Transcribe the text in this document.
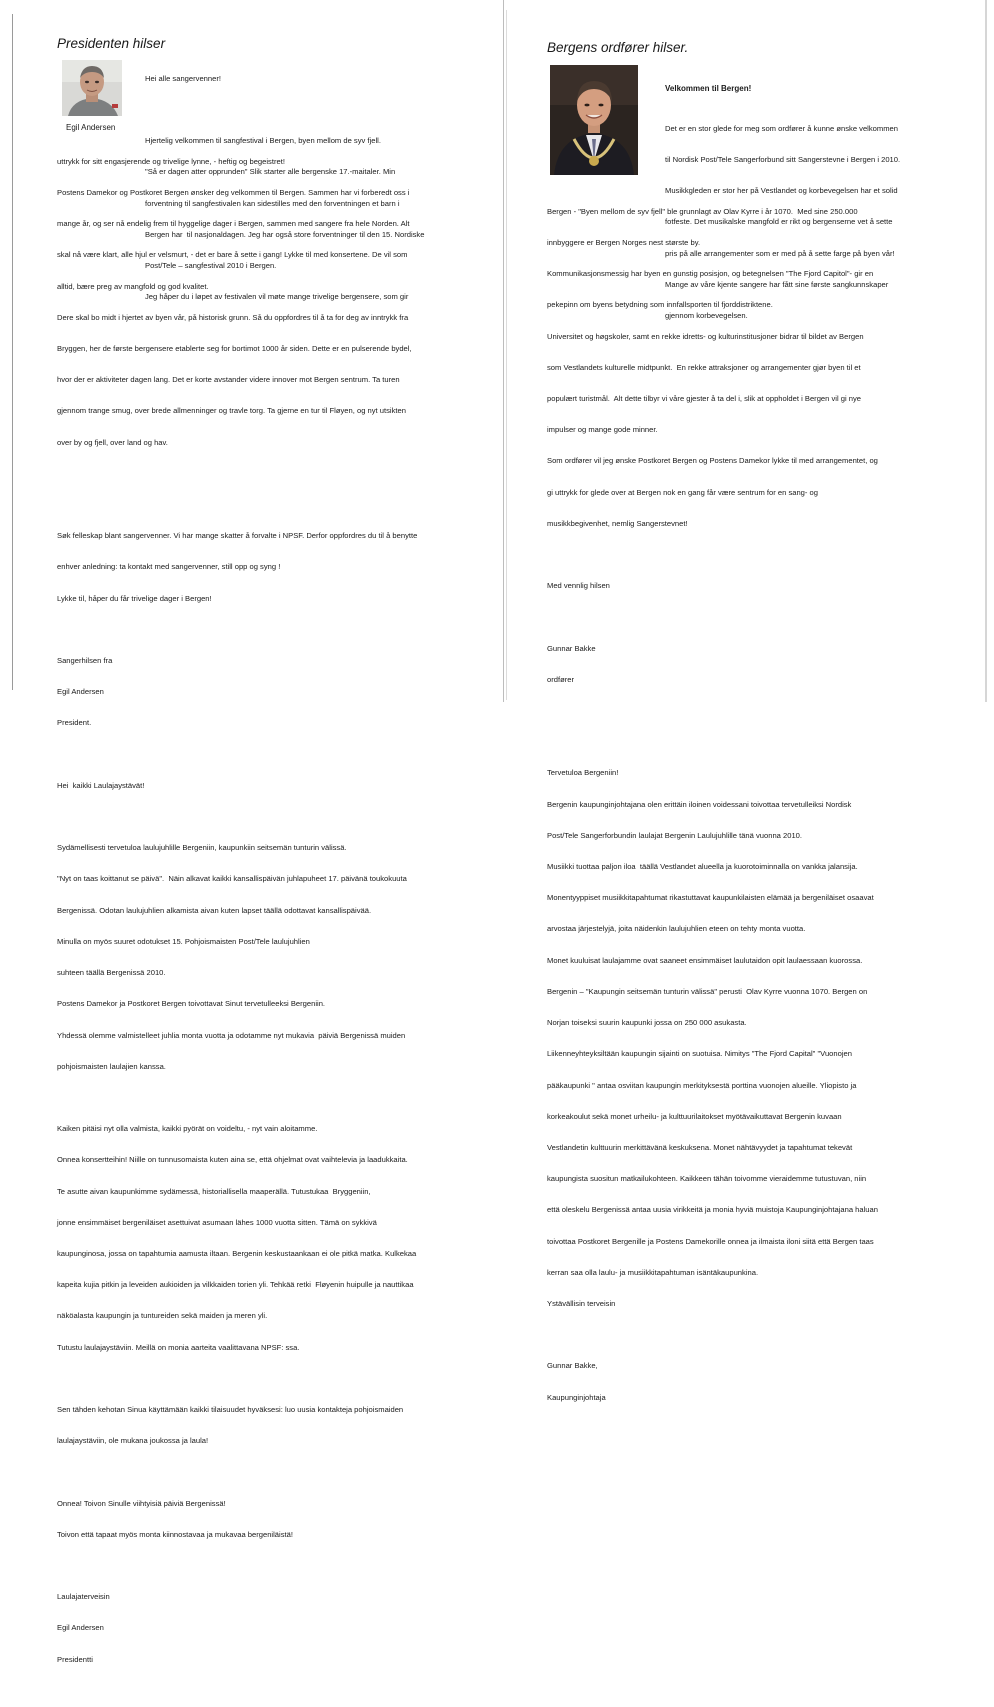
Presidenten hilser
Egil Andersen

Hei alle sangervenner!

Hjertelig velkommen til sangfestival i Bergen, byen mellom de syv fjell.

"Så er dagen atter opprunden" Slik starter alle bergenske 17.-maitaler. Min

forventning til sangfestivalen kan sidestilles med den forventningen et barn i

Bergen har  til nasjonaldagen. Jeg har også store forventninger til den 15. Nordiske

Post/Tele – sangfestival 2010 i Bergen.

Jeg håper du i løpet av festivalen vil møte mange trivelige bergensere, som gir

uttrykk for sitt engasjerende og trivelige lynne, - heftig og begeistret!

Postens Damekor og Postkoret Bergen ønsker deg velkommen til Bergen. Sammen har vi forberedt oss i

mange år, og ser nå endelig frem til hyggelige dager i Bergen, sammen med sangere fra hele Norden. Alt

skal nå være klart, alle hjul er velsmurt, - det er bare å sette i gang! Lykke til med konsertene. De vil som

alltid, bære preg av mangfold og god kvalitet.

Dere skal bo midt i hjertet av byen vår, på historisk grunn. Så du oppfordres til å ta for deg av inntrykk fra

Bryggen, her de første bergensere etablerte seg for bortimot 1000 år siden. Dette er en pulserende bydel,

hvor der er aktiviteter dagen lang. Det er korte avstander videre innover mot Bergen sentrum. Ta turen

gjennom trange smug, over brede allmenninger og travle torg. Ta gjerne en tur til Fløyen, og nyt utsikten

over by og fjell, over land og hav.

Søk felleskap blant sangervenner. Vi har mange skatter å forvalte i NPSF. Derfor oppfordres du til å benytte

enhver anledning: ta kontakt med sangervenner, still opp og syng !

Lykke til, håper du får trivelige dager i Bergen!

Sangerhilsen fra

Egil Andersen

President.

Hei  kaikki Laulajaystävät!

Sydämellisesti tervetuloa laulujuhlille Bergeniin, kaupunkiin seitsemän tunturin välissä.

"Nyt on taas koittanut se päivä".  Näin alkavat kaikki kansallispäivän juhlapuheet 17. päivänä toukokuuta

Bergenissä. Odotan laulujuhlien alkamista aivan kuten lapset täällä odottavat kansallispäivää.

Minulla on myös suuret odotukset 15. Pohjoismaisten Post/Tele laulujuhlien

suhteen täällä Bergenissä 2010.

Postens Damekor ja Postkoret Bergen toivottavat Sinut tervetulleeksi Bergeniin.

Yhdessä olemme valmistelleet juhlia monta vuotta ja odotamme nyt mukavia  päiviä Bergenissä muiden

pohjoismaisten laulajien kanssa.

Kaiken pitäisi nyt olla valmista, kaikki pyörät on voideltu, - nyt vain aloitamme.

Onnea konsertteihin! Niille on tunnusomaista kuten aina se, että ohjelmat ovat vaihtelevia ja laadukkaita.

Te asutte aivan kaupunkimme sydämessä, historiallisella maaperällä. Tutustukaa  Bryggeniin,

jonne ensimmäiset bergeniläiset asettuivat asumaan lähes 1000 vuotta sitten. Tämä on sykkivä

kaupunginosa, jossa on tapahtumia aamusta iltaan. Bergenin keskustaankaan ei ole pitkä matka. Kulkekaa

kapeita kujia pitkin ja leveiden aukioiden ja vilkkaiden torien yli. Tehkää retki  Fløyenin huipulle ja nauttikaa

näköalasta kaupungin ja tuntureiden sekä maiden ja meren yli.

Tutustu laulajaystäviin. Meillä on monia aarteita vaalittavana NPSF: ssa.

Sen tähden kehotan Sinua käyttämään kaikki tilaisuudet hyväksesi: luo uusia kontakteja pohjoismaiden

laulajaystäviin, ole mukana joukossa ja laula!

Onnea! Toivon Sinulle viihtyisiä päiviä Bergenissä!

Toivon että tapaat myös monta kiinnostavaa ja mukavaa bergeniläistä!

Laulajaterveisin

Egil Andersen

Presidentti

Bergens ordfører hilser.
Velkommen til Bergen!

Det er en stor glede for meg som ordfører å kunne ønske velkommen

til Nordisk Post/Tele Sangerforbund sitt Sangerstevne i Bergen i 2010.

Musikkgleden er stor her på Vestlandet og korbevegelsen har et solid

fotfeste. Det musikalske mangfold er rikt og bergenserne vet å sette

pris på alle arrangementer som er med på å sette farge på byen vår!

Mange av våre kjente sangere har fått sine første sangkunnskaper

gjennom korbevegelsen.

Bergen - "Byen mellom de syv fjell" ble grunnlagt av Olav Kyrre i år 1070.  Med sine 250.000

innbyggere er Bergen Norges nest største by.

Kommunikasjonsmessig har byen en gunstig posisjon, og betegnelsen "The Fjord Capitol"- gir en

pekepinn om byens betydning som innfallsporten til fjorddistriktene.

Universitet og høgskoler, samt en rekke idretts- og kulturinstitusjoner bidrar til bildet av Bergen

som Vestlandets kulturelle midtpunkt.  En rekke attraksjoner og arrangementer gjør byen til et

populært turistmål.  Alt dette tilbyr vi våre gjester å ta del i, slik at oppholdet i Bergen vil gi nye

impulser og mange gode minner.

Som ordfører vil jeg ønske Postkoret Bergen og Postens Damekor lykke til med arrangementet, og

gi uttrykk for glede over at Bergen nok en gang får være sentrum for en sang- og

musikkbegivenhet, nemlig Sangerstevnet!

Med vennlig hilsen

Gunnar Bakke

ordfører

Tervetuloa Bergeniin!

Bergenin kaupunginjohtajana olen erittäin iloinen voidessani toivottaa tervetulleiksi Nordisk

Post/Tele Sangerforbundin laulajat Bergenin Laulujuhlille tänä vuonna 2010.

Musiikki tuottaa paljon iloa  täällä Vestlandet alueella ja kuorotoiminnalla on vankka jalansija.

Monentyyppiset musiikkitapahtumat rikastuttavat kaupunkilaisten elämää ja bergeniläiset osaavat

arvostaa järjestelyjä, joita näidenkin laulujuhlien eteen on tehty monta vuotta.

Monet kuuluisat laulajamme ovat saaneet ensimmäiset laulutaidon opit laulaessaan kuorossa.

Bergenin – "Kaupungin seitsemän tunturin välissä" perusti  Olav Kyrre vuonna 1070. Bergen on

Norjan toiseksi suurin kaupunki jossa on 250 000 asukasta.

Liikenneyhteyksiltään kaupungin sijainti on suotuisa. Nimitys "The Fjord Capital" "Vuonojen

pääkaupunki " antaa osviitan kaupungin merkityksestä porttina vuonojen alueille. Yliopisto ja

korkeakoulut sekä monet urheilu- ja kulttuurilaitokset myötävaikuttavat Bergenin kuvaan

Vestlandetin kulttuurin merkittävänä keskuksena. Monet nähtävyydet ja tapahtumat tekevät

kaupungista suositun matkailukohteen. Kaikkeen tähän toivomme vieraidemme tutustuvan, niin

että oleskelu Bergenissä antaa uusia virikkeitä ja monia hyviä muistoja Kaupunginjohtajana haluan

toivottaa Postkoret Bergenille ja Postens Damekorille onnea ja ilmaista iloni siitä että Bergen taas

kerran saa olla laulu- ja musiikkitapahtuman isäntäkaupunkina.

Ystävällisin terveisin

Gunnar Bakke,

Kaupunginjohtaja
